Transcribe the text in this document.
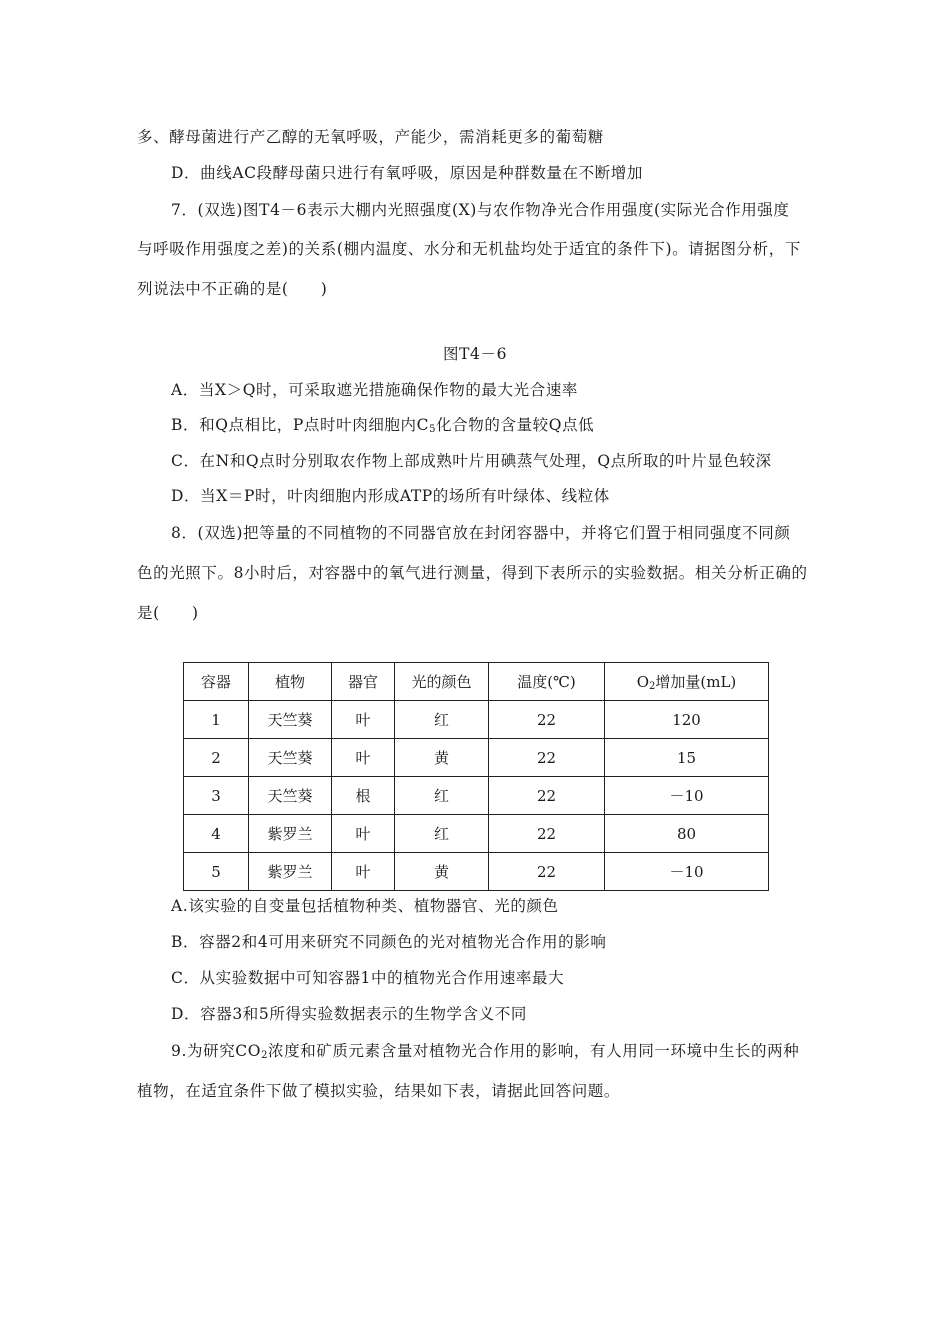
多、酵母菌进行产乙醇的无氧呼吸，产能少，需消耗更多的葡萄糖
D．曲线AC段酵母菌只进行有氧呼吸，原因是种群数量在不断增加
7．(双选)图T4－6表示大棚内光照强度(X)与农作物净光合作用强度(实际光合作用强度
与呼吸作用强度之差)的关系(棚内温度、水分和无机盐均处于适宜的条件下)。请据图分析，下
列说法中不正确的是(　　)
图T4－6
A．当X＞Q时，可采取遮光措施确保作物的最大光合速率
B．和Q点相比，P点时叶肉细胞内$C_5$化合物的含量较Q点低
C．在N和Q点时分别取农作物上部成熟叶片用碘蒸气处理，Q点所取的叶片显色较深
D．当X＝P时，叶肉细胞内形成ATP的场所有叶绿体、线粒体
8．(双选)把等量的不同植物的不同器官放在封闭容器中，并将它们置于相同强度不同颜
色的光照下。8小时后，对容器中的氧气进行测量，得到下表所示的实验数据。相关分析正确的
是(　　)
容器	植物	器官	光的颜色	温度(℃)	$O_2$增加量(mL)
1	天竺葵	叶	红	22	120
2	天竺葵	叶	黄	22	15
3	天竺葵	根	红	22	－10
4	紫罗兰	叶	红	22	80
5	紫罗兰	叶	黄	22	－10
A.该实验的自变量包括植物种类、植物器官、光的颜色
B．容器2和4可用来研究不同颜色的光对植物光合作用的影响
C．从实验数据中可知容器1中的植物光合作用速率最大
D．容器3和5所得实验数据表示的生物学含义不同
9.为研究$CO_2$浓度和矿质元素含量对植物光合作用的影响，有人用同一环境中生长的两种
植物，在适宜条件下做了模拟实验，结果如下表，请据此回答问题。
